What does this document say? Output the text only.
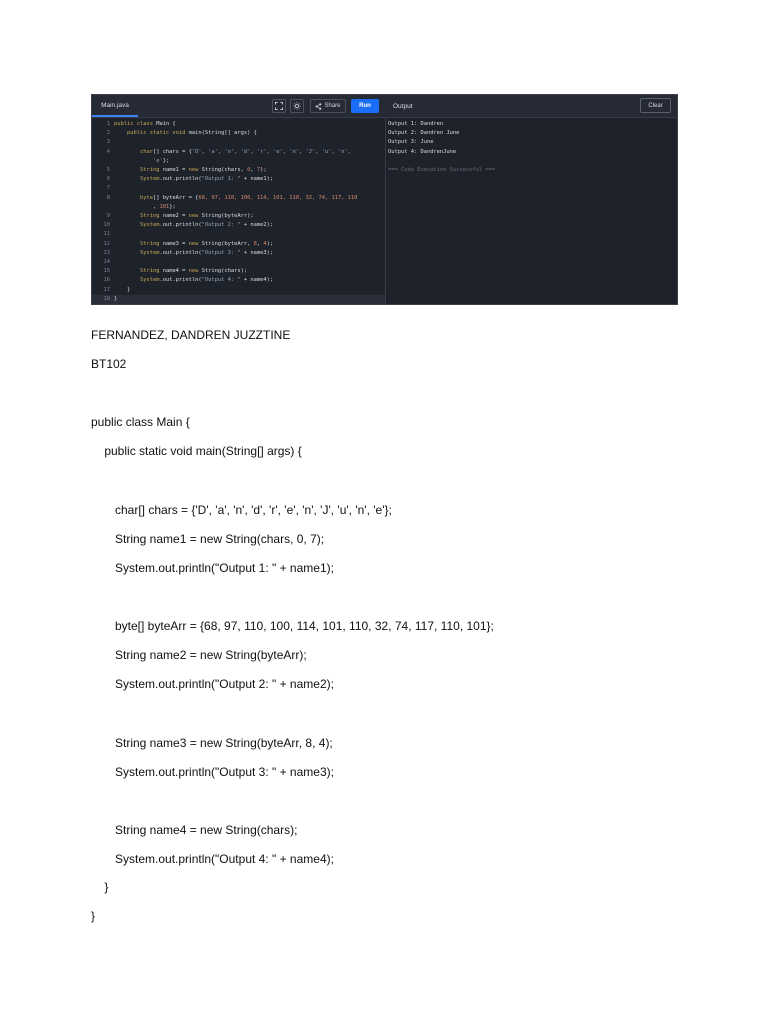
Main.java	Share	Run	Output	Clear
1 public class Main {
2	public static void main(String[] args) {
3
4	char[] chars = {'D', 'a', 'n', 'd', 'r', 'e', 'n', 'J', 'u', 'n',
'e'};
5	String name1 = new String(chars, 0, 7);
6	System.out.println("Output 1: " + name1);
7
8	byte[] byteArr = {68, 97, 110, 100, 114, 101, 110, 32, 74, 117, 110
, 101};
9	String name2 = new String(byteArr);
10	System.out.println("Output 2: " + name2);
11
12	String name3 = new String(byteArr, 8, 4);
13	System.out.println("Output 3: " + name3);
14
15	String name4 = new String(chars);
16	System.out.println("Output 4: " + name4);
17	}
18 }
Output 1: Dandren
Output 2: Dandren June
Output 3: June
Output 4: DandrenJune
=== Code Execution Successful ===
FERNANDEZ, DANDREN JUZZTINE
BT102
public class Main {
public static void main(String[] args) {
char[] chars = {'D', 'a', 'n', 'd', 'r', 'e', 'n', 'J', 'u', 'n', 'e'};
String name1 = new String(chars, 0, 7);
System.out.println("Output 1: " + name1);
byte[] byteArr = {68, 97, 110, 100, 114, 101, 110, 32, 74, 117, 110, 101};
String name2 = new String(byteArr);
System.out.println("Output 2: " + name2);
String name3 = new String(byteArr, 8, 4);
System.out.println("Output 3: " + name3);
String name4 = new String(chars);
System.out.println("Output 4: " + name4);
}
}
